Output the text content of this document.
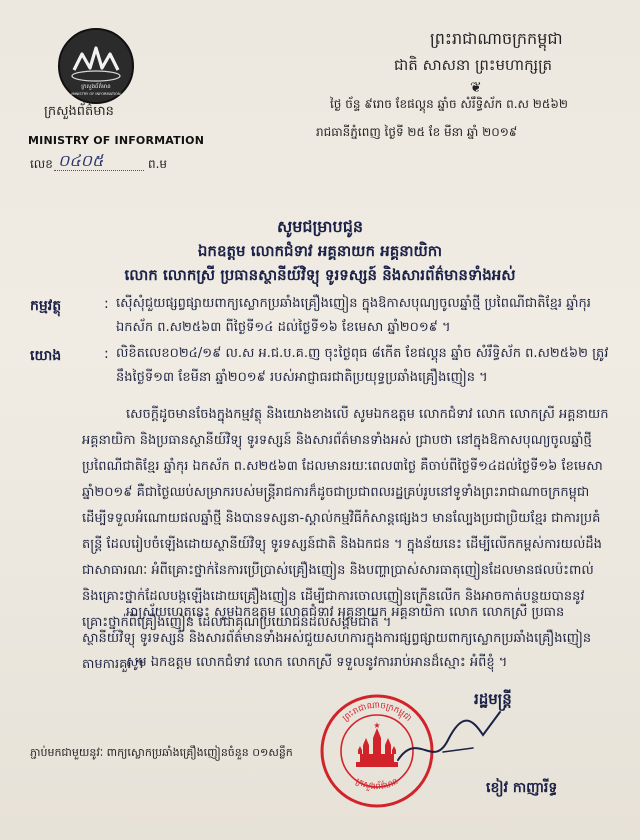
ក្រសួងព័ត៌មាន
MINISTRY OF INFORMATION
ក្រសួងព័ត៌មាន
MINISTRY OF INFORMATION
លេខ ០៤០៥	ព.ម
ព្រះរាជាណាចក្រកម្ពុជា
ជាតិ សាសនា ព្រះមហាក្សត្រ
❦
ថ្ងៃ ច័ន្ទ ៩រោច ខែផល្គុន ឆ្នាំច សំរឹទ្ធិស័ក ព.ស ២៥៦២
រាជធានីភ្នំពេញ ថ្ងៃទី ២៥ ខែ មីនា ឆ្នាំ ២០១៩
សូមជម្រាបជូន
ឯកឧត្តម លោកជំទាវ អគ្គនាយក អគ្គនាយិកា
លោក លោកស្រី ប្រធានស្ថានីយ៍វិទ្យុ ទូរទស្សន៍ និងសារព័ត៌មានទាំងអស់
កម្មវត្ថុ	: ស៊ើសុំជួយផ្សព្វផ្សាយពាក្យស្លោកប្រឆាំងគ្រឿងញៀន ក្នុងឱកាសបុណ្យចូលឆ្នាំថ្មី ប្រពៃណីជាតិខ្មែរ ឆ្នាំកុរ ឯកស័ក ព.ស២៥៦៣ ពីថ្ងៃទី១៤ ដល់ថ្ងៃទី១៦ ខែមេសា ឆ្នាំ២០១៩ ។
យោង	: លិខិតលេខ០២៤/១៩ ល.ស អ.ជ.ប.គ.ញ ចុះថ្ងៃពុធ ៨កើត ខែផល្គុន ឆ្នាំច សំរឹទ្ធិស័ក ព.ស២៥៦២ ត្រូវនឹងថ្ងៃទី១៣ ខែមីនា ឆ្នាំ២០១៩ របស់អាជ្ញាធរជាតិប្រយុទ្ធប្រឆាំងគ្រឿងញៀន ។
សេចក្តីដូចមានចែងក្នុងកម្មវត្ថុ និងយោងខាងលើ សូមឯកឧត្តម លោកជំទាវ លោក លោកស្រី អគ្គនាយក អគ្គនាយិកា និងប្រធានស្ថានីយ៍វិទ្យុ ទូរទស្សន៍ និងសារព័ត៌មានទាំងអស់ ជ្រាបថា នៅក្នុងឱកាសបុណ្យចូលឆ្នាំថ្មីប្រពៃណីជាតិខ្មែរ ឆ្នាំកុរ ឯកស័ក ព.ស២៥៦៣ ដែលមានរយៈពេល៣ថ្ងៃ គឺចាប់ពីថ្ងៃទី១៤ដល់ថ្ងៃទី១៦ ខែមេសា ឆ្នាំ២០១៩ គឺជាថ្ងៃឈប់សម្រាករបស់មន្ត្រីរាជការក៏ដូចជាប្រជាពលរដ្ឋគ្រប់រូបនៅទូទាំងព្រះរាជាណាចក្រកម្ពុជា ដើម្បីទទួលអំណោយផលឆ្នាំថ្មី និងបានទស្សនា-ស្គាល់កម្មវិធីកំសាន្តផ្សេងៗ មានល្បែងប្រជាប្រិយខ្មែរ ជាការប្រគំតន្ត្រី ដែលរៀបចំឡើងដោយស្ថានីយ៍វិទ្យុ ទូរទស្សន៍ជាតិ និងឯកជន ។ ក្នុងន័យនេះ ដើម្បីលើកកម្ពស់ការយល់ដឹងជាសាធារណៈ អំពីគ្រោះថ្នាក់នៃការប្រើប្រាស់គ្រឿងញៀន និងបញ្ហាប្រាស់សារធាតុញៀនដែលមានផលប៉ះពាល់ និងគ្រោះថ្នាក់ដែលបង្កឡើងដោយគ្រឿងញៀន ដើម្បីជាការចោលញៀនក្រើនលើក និងអាចកាត់បន្ថយបាននូវគ្រោះថ្នាក់ពីគ្រឿងញៀន ដែលជាគុណប្រយោជន៍ដល់សង្គមជាតិ ។
អាស្រ័យហេតុនេះ សូមឯកឧត្តម លោកជំទាវ អគ្គនាយក អគ្គនាយិកា លោក លោកស្រី ប្រធានស្ថានីយ៍វិទ្យុ ទូរទស្សន៍ និងសារព័ត៌មានទាំងអស់ជួយសហការក្នុងការផ្សព្វផ្សាយពាក្យស្លោកប្រឆាំងគ្រឿងញៀន តាមការគួរ ។
សូម ឯកឧត្តម លោកជំទាវ លោក លោកស្រី ទទួលនូវការរាប់អានដ៏ស្មោះ អំពីខ្ញុំ ។
រដ្ឋមន្ត្រី
ភ្ជាប់មកជាមួយនូវៈ ពាក្យស្លោកប្រឆាំងគ្រឿងញៀនចំនួន ០១សន្លឹក
ព្រះរាជាណាចក្រកម្ពុជា
ក្រសួងព័ត៌មាន
★
ខៀវ កាញារីទ្ធ
